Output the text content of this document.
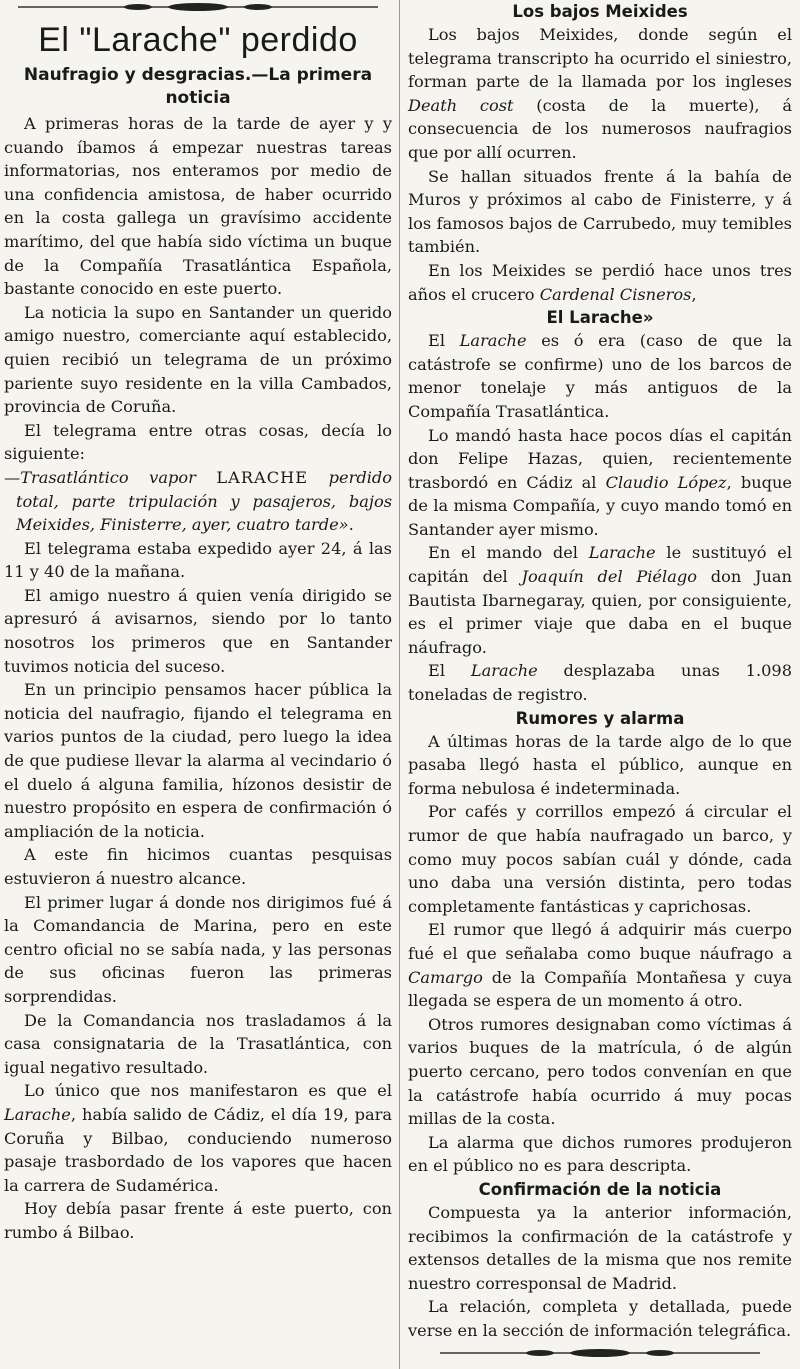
El "Larache" perdido
Naufragio y desgracias.—La primera noticia

A primeras horas de la tarde de ayer y y cuando íbamos á empezar nuestras tareas informatorias, nos enteramos por medio de una confidencia amistosa, de haber ocurrido en la costa gallega un gravísimo accidente marítimo, del que había sido víctima un buque de la Compañía Trasatlántica Española, bastante conocido en este puerto.

La noticia la supo en Santander un querido amigo nuestro, comerciante aquí establecido, quien recibió un telegrama de un próximo pariente suyo residente en la villa Cambados, provincia de Coruña.

El telegrama entre otras cosas, decía lo siguiente:

—Trasatlántico vapor LARACHE perdido total, parte tripulación y pasajeros, bajos Meixides, Finisterre, ayer, cuatro tarde».

El telegrama estaba expedido ayer 24, á las 11 y 40 de la mañana.

El amigo nuestro á quien venía dirigido se apresuró á avisarnos, siendo por lo tanto nosotros los primeros que en Santander tuvimos noticia del suceso.

En un principio pensamos hacer pública la noticia del naufragio, fijando el telegrama en varios puntos de la ciudad, pero luego la idea de que pudiese llevar la alarma al vecindario ó el duelo á alguna familia, hízonos desistir de nuestro propósito en espera de confirmación ó ampliación de la noticia.

A este fin hicimos cuantas pesquisas estuvieron á nuestro alcance.

El primer lugar á donde nos dirigimos fué á la Comandancia de Marina, pero en este centro oficial no se sabía nada, y las personas de sus oficinas fueron las primeras sorprendidas.

De la Comandancia nos trasladamos á la casa consignataria de la Trasatlántica, con igual negativo resultado.

Lo único que nos manifestaron es que el Larache, había salido de Cádiz, el día 19, para Coruña y Bilbao, conduciendo numeroso pasaje trasbordado de los vapores que hacen la carrera de Sudamérica.

Hoy debía pasar frente á este puerto, con rumbo á Bilbao.

Los bajos Meixides

Los bajos Meixides, donde según el telegrama transcripto ha ocurrido el siniestro, forman parte de la llamada por los ingleses Death cost (costa de la muerte), á consecuencia de los numerosos naufragios que por allí ocurren.

Se hallan situados frente á la bahía de Muros y próximos al cabo de Finisterre, y á los famosos bajos de Carrubedo, muy temibles también.

En los Meixides se perdió hace unos tres años el crucero Cardenal Cisneros,

El Larache»

El Larache es ó era (caso de que la catástrofe se confirme) uno de los barcos de menor tonelaje y más antiguos de la Compañía Trasatlántica.

Lo mandó hasta hace pocos días el capitán don Felipe Hazas, quien, recientemente trasbordó en Cádiz al Claudio López, buque de la misma Compañía, y cuyo mando tomó en Santander ayer mismo.

En el mando del Larache le sustituyó el capitán del Joaquín del Piélago don Juan Bautista Ibarnegaray, quien, por consiguiente, es el primer viaje que daba en el buque náufrago.

El Larache desplazaba unas 1.098 toneladas de registro.

Rumores y alarma

A últimas horas de la tarde algo de lo que pasaba llegó hasta el público, aunque en forma nebulosa é indeterminada.

Por cafés y corrillos empezó á circular el rumor de que había naufragado un barco, y como muy pocos sabían cuál y dónde, cada uno daba una versión distinta, pero todas completamente fantásticas y caprichosas.

El rumor que llegó á adquirir más cuerpo fué el que señalaba como buque náufrago a Camargo de la Compañía Montañesa y cuya llegada se espera de un momento á otro.

Otros rumores designaban como víctimas á varios buques de la matrícula, ó de algún puerto cercano, pero todos convenían en que la catástrofe había ocurrido á muy pocas millas de la costa.

La alarma que dichos rumores produjeron en el público no es para descripta.

Confirmación de la noticia

Compuesta ya la anterior información, recibimos la confirmación de la catástrofe y extensos detalles de la misma que nos remite nuestro corresponsal de Madrid.

La relación, completa y detallada, puede verse en la sección de información telegráfica.
